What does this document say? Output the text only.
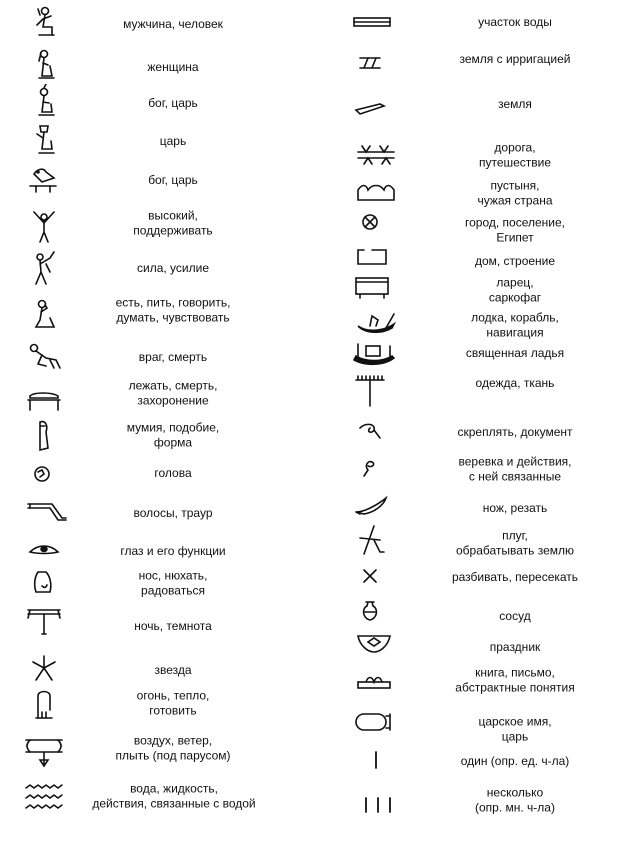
мужчина, человек
женщина
бог, царь
царь
бог, царь
высокий,
поддерживать
сила, усилие
есть, пить, говорить,
думать, чувствовать
враг, смерть
лежать, смерть,
захоронение
мумия, подобие,
форма
голова
волосы, траур
глаз и его функции
нос, нюхать,
радоваться
ночь, темнота
звезда
огонь, тепло,
готовить
воздух, ветер,
плыть (под парусом)
вода, жидкость,
действия, связанные с водой
участок воды
земля с ирригацией
земля
дорога,
путешествие
пустыня,
чужая страна
город, поселение,
Египет
дом, строение
ларец,
саркофаг
лодка, корабль,
навигация
священная ладья
одежда, ткань
скреплять, документ
веревка и действия,
с ней связанные
нож, резать
плуг,
обрабатывать землю
разбивать, пересекать
сосуд
праздник
книга, письмо,
абстрактные понятия
царское имя,
царь
один (опр. ед. ч-ла)
несколько
(опр. мн. ч-ла)
